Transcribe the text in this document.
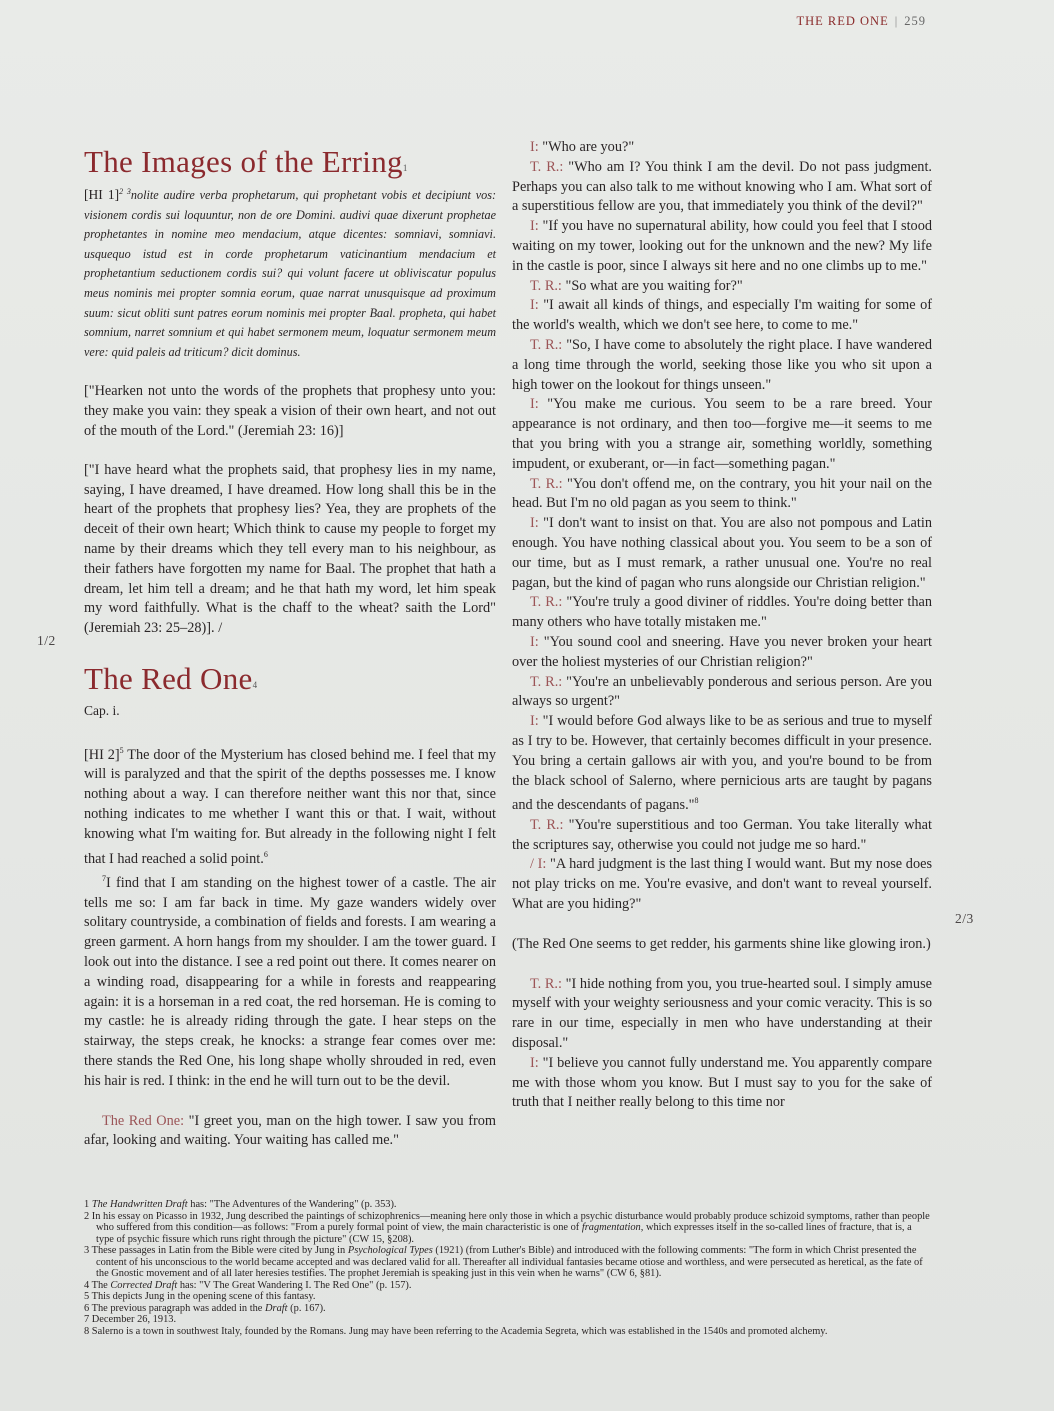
THE RED ONE | 259
1/2
2/3
The Images of the Erring$^1$

[HI 1]$^{2 3}$nolite audire verba prophetarum, qui prophetant vobis et decipiunt vos: visionem cordis sui loquuntur, non de ore Domini. audivi quae dixerunt prophetae prophetantes in nomine meo mendacium, atque dicentes: somniavi, somniavi. usquequo istud est in corde prophetarum vaticinantium mendacium et prophetantium seductionem cordis sui? qui volunt facere ut obliviscatur populus meus nominis mei propter somnia eorum, quae narrat unusquisque ad proximum suum: sicut obliti sunt patres eorum nominis mei propter Baal. propheta, qui habet somnium, narret somnium et qui habet sermonem meum, loquatur sermonem meum vere: quid paleis ad triticum? dicit dominus.

["Hearken not unto the words of the prophets that prophesy unto you: they make you vain: they speak a vision of their own heart, and not out of the mouth of the Lord." (Jeremiah 23: 16)]

["I have heard what the prophets said, that prophesy lies in my name, saying, I have dreamed, I have dreamed. How long shall this be in the heart of the prophets that prophesy lies? Yea, they are prophets of the deceit of their own heart; Which think to cause my people to forget my name by their dreams which they tell every man to his neighbour, as their fathers have forgotten my name for Baal. The prophet that hath a dream, let him tell a dream; and he that hath my word, let him speak my word faithfully. What is the chaff to the wheat? saith the Lord" (Jeremiah 23: 25–28)]. /

The Red One$^4$

Cap. i.

[HI 2]$^5$ The door of the Mysterium has closed behind me. I feel that my will is paralyzed and that the spirit of the depths possesses me. I know nothing about a way. I can therefore neither want this nor that, since nothing indicates to me whether I want this or that. I wait, without knowing what I'm waiting for. But already in the following night I felt that I had reached a solid point.$^6$

$^7$I find that I am standing on the highest tower of a castle. The air tells me so: I am far back in time. My gaze wanders widely over solitary countryside, a combination of fields and forests. I am wearing a green garment. A horn hangs from my shoulder. I am the tower guard. I look out into the distance. I see a red point out there. It comes nearer on a winding road, disappearing for a while in forests and reappearing again: it is a horseman in a red coat, the red horseman. He is coming to my castle: he is already riding through the gate. I hear steps on the stairway, the steps creak, he knocks: a strange fear comes over me: there stands the Red One, his long shape wholly shrouded in red, even his hair is red. I think: in the end he will turn out to be the devil.

The Red One: "I greet you, man on the high tower. I saw you from afar, looking and waiting. Your waiting has called me."

I: "Who are you?"

T. R.: "Who am I? You think I am the devil. Do not pass judgment. Perhaps you can also talk to me without knowing who I am. What sort of a superstitious fellow are you, that immediately you think of the devil?"

I: "If you have no supernatural ability, how could you feel that I stood waiting on my tower, looking out for the unknown and the new? My life in the castle is poor, since I always sit here and no one climbs up to me."

T. R.: "So what are you waiting for?"

I: "I await all kinds of things, and especially I'm waiting for some of the world's wealth, which we don't see here, to come to me."

T. R.: "So, I have come to absolutely the right place. I have wandered a long time through the world, seeking those like you who sit upon a high tower on the lookout for things unseen."

I: "You make me curious. You seem to be a rare breed. Your appearance is not ordinary, and then too—forgive me—it seems to me that you bring with you a strange air, something worldly, something impudent, or exuberant, or—in fact—something pagan."

T. R.: "You don't offend me, on the contrary, you hit your nail on the head. But I'm no old pagan as you seem to think."

I: "I don't want to insist on that. You are also not pompous and Latin enough. You have nothing classical about you. You seem to be a son of our time, but as I must remark, a rather unusual one. You're no real pagan, but the kind of pagan who runs alongside our Christian religion."

T. R.: "You're truly a good diviner of riddles. You're doing better than many others who have totally mistaken me."

I: "You sound cool and sneering. Have you never broken your heart over the holiest mysteries of our Christian religion?"

T. R.: "You're an unbelievably ponderous and serious person. Are you always so urgent?"

I: "I would before God always like to be as serious and true to myself as I try to be. However, that certainly becomes difficult in your presence. You bring a certain gallows air with you, and you're bound to be from the black school of Salerno, where pernicious arts are taught by pagans and the descendants of pagans."$^8$

T. R.: "You're superstitious and too German. You take literally what the scriptures say, otherwise you could not judge me so hard."

/ I: "A hard judgment is the last thing I would want. But my nose does not play tricks on me. You're evasive, and don't want to reveal yourself. What are you hiding?"

(The Red One seems to get redder, his garments shine like glowing iron.)

T. R.: "I hide nothing from you, you true-hearted soul. I simply amuse myself with your weighty seriousness and your comic veracity. This is so rare in our time, especially in men who have understanding at their disposal."

I: "I believe you cannot fully understand me. You apparently compare me with those whom you know. But I must say to you for the sake of truth that I neither really belong to this time nor

1 The Handwritten Draft has: "The Adventures of the Wandering" (p. 353).

2 In his essay on Picasso in 1932, Jung described the paintings of schizophrenics—meaning here only those in which a psychic disturbance would probably produce schizoid symptoms, rather than people who suffered from this condition—as follows: "From a purely formal point of view, the main characteristic is one of fragmentation, which expresses itself in the so-called lines of fracture, that is, a type of psychic fissure which runs right through the picture" (CW 15, §208).

3 These passages in Latin from the Bible were cited by Jung in Psychological Types (1921) (from Luther's Bible) and introduced with the following comments: "The form in which Christ presented the content of his unconscious to the world became accepted and was declared valid for all. Thereafter all individual fantasies became otiose and worthless, and were persecuted as heretical, as the fate of the Gnostic movement and of all later heresies testifies. The prophet Jeremiah is speaking just in this vein when he warns" (CW 6, §81).

4 The Corrected Draft has: "V The Great Wandering I. The Red One" (p. 157).

5 This depicts Jung in the opening scene of this fantasy.

6 The previous paragraph was added in the Draft (p. 167).

7 December 26, 1913.

8 Salerno is a town in southwest Italy, founded by the Romans. Jung may have been referring to the Academia Segreta, which was established in the 1540s and promoted alchemy.
